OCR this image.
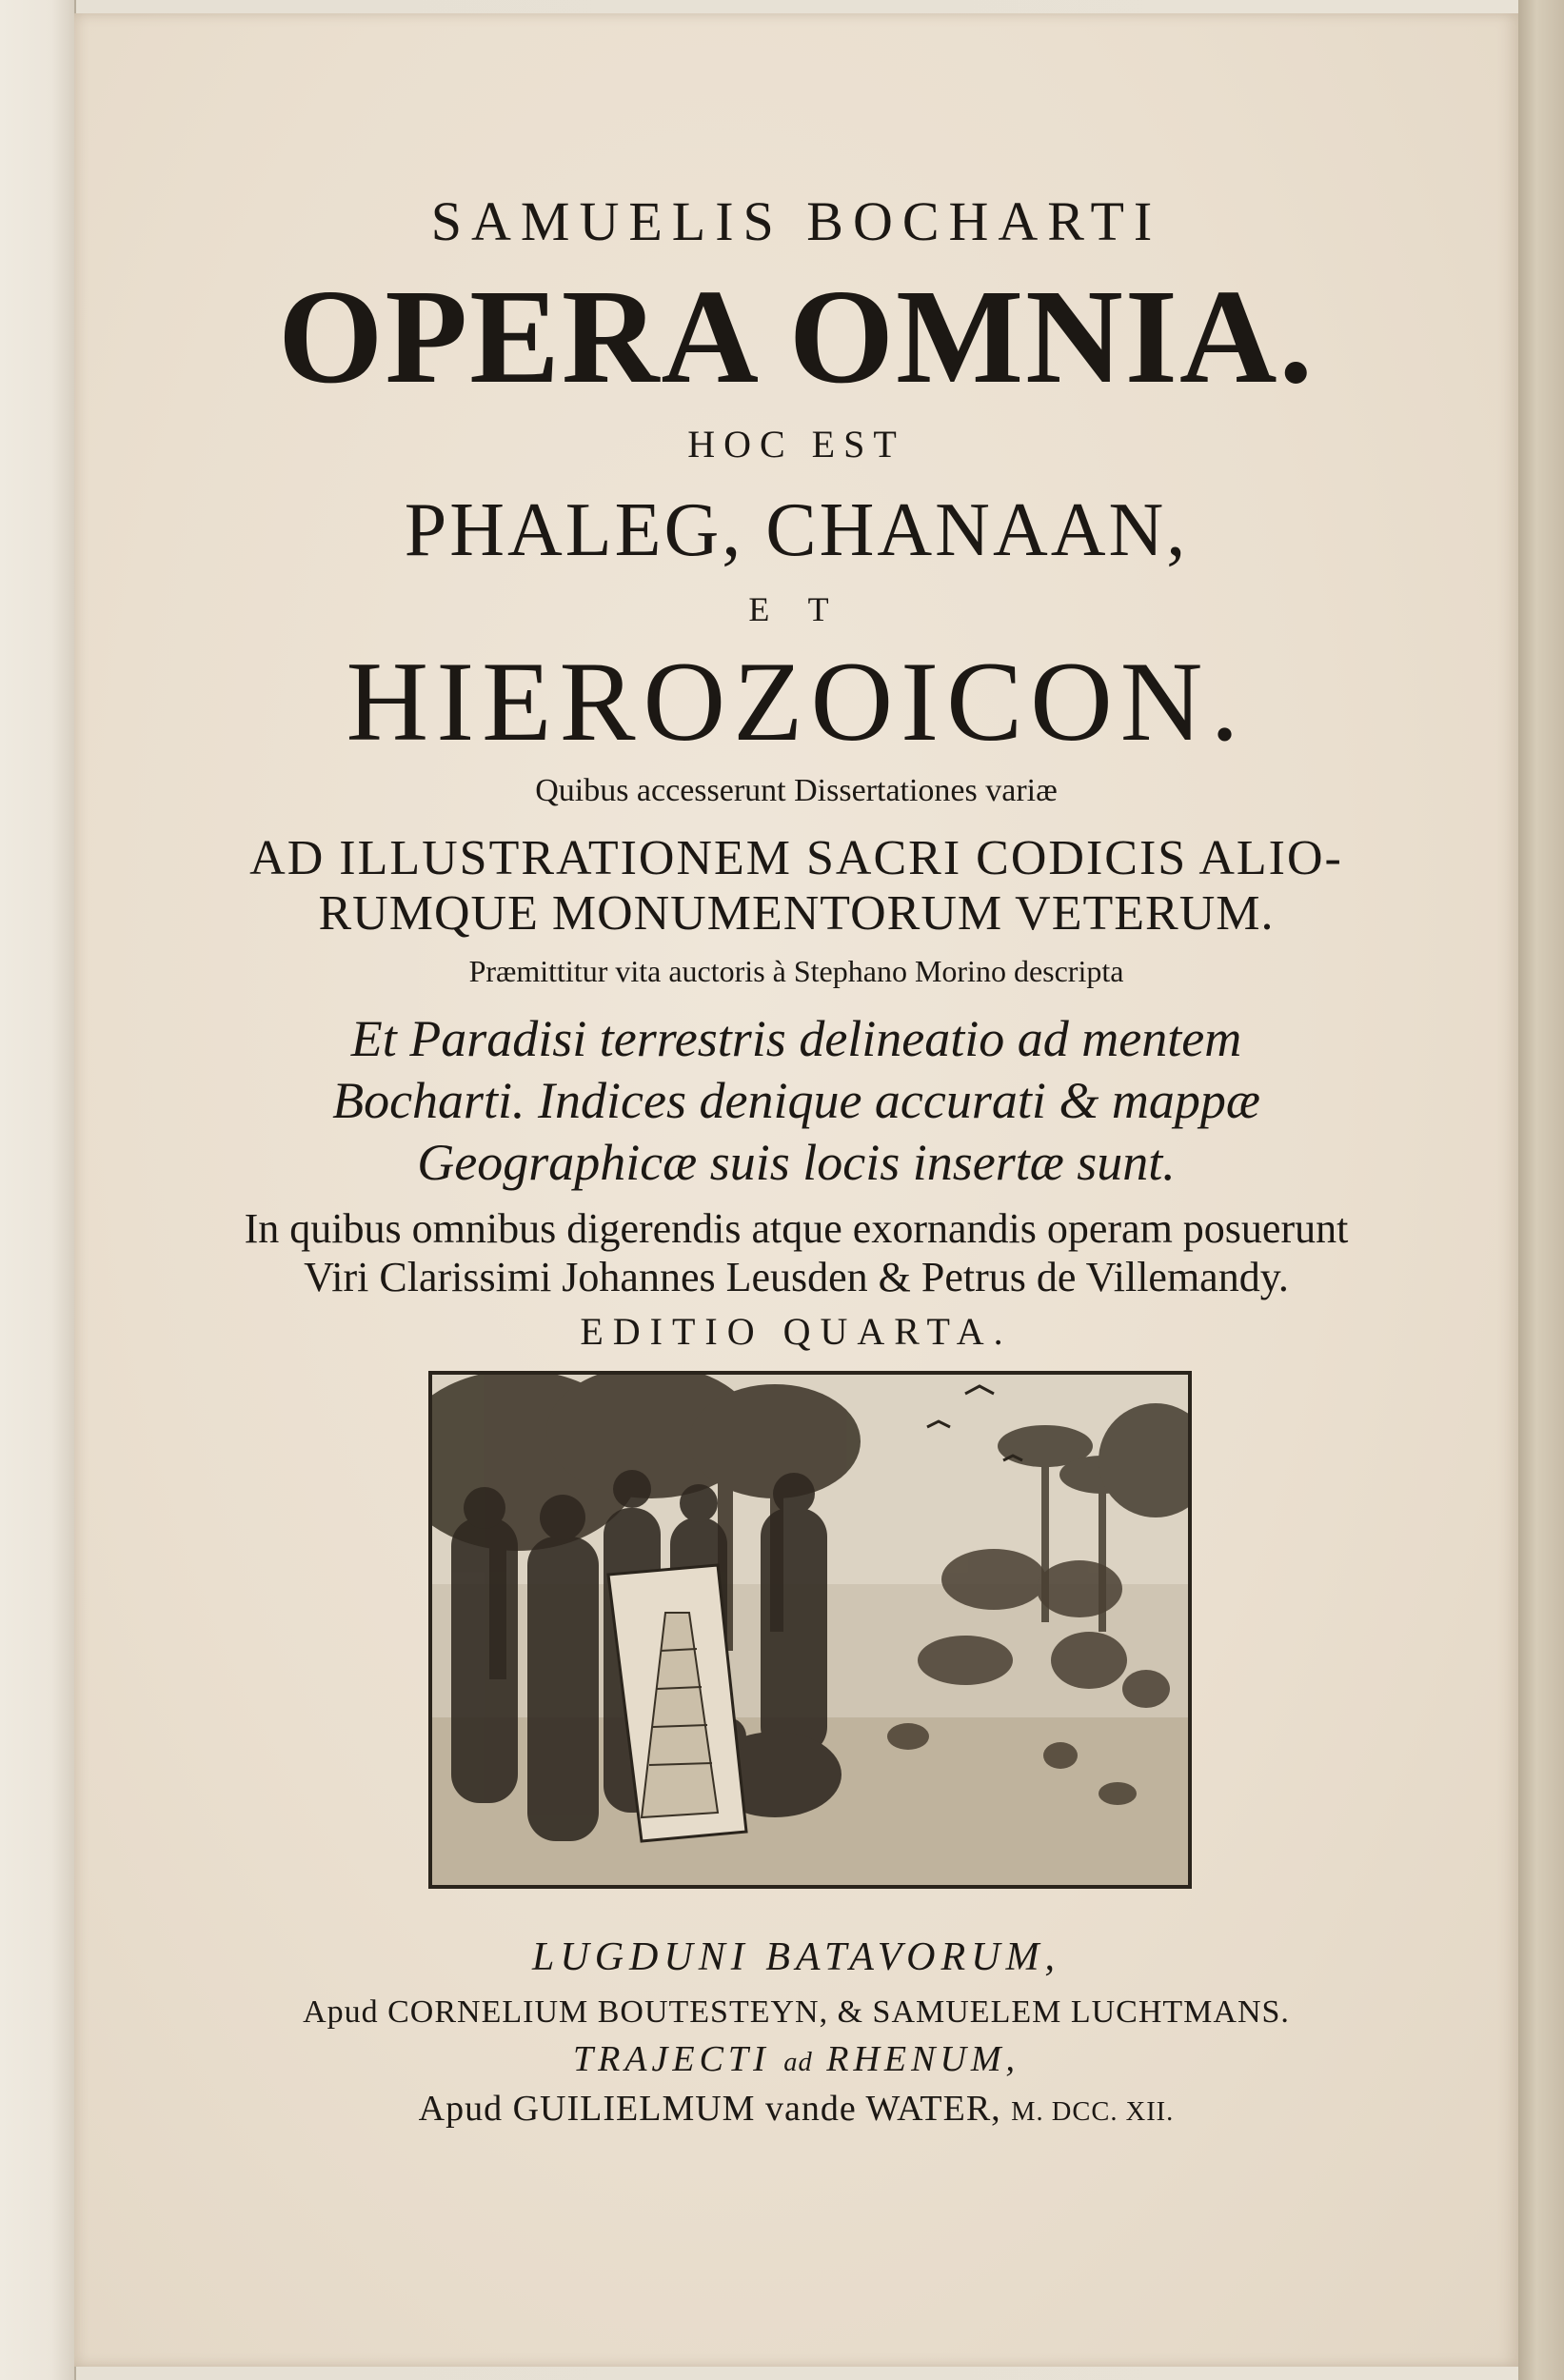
SAMUELIS BOCHARTI
OPERA OMNIA.
HOC EST
PHALEG, CHANAAN,
E T
HIEROZOICON.
Quibus accesserunt Dissertationes variæ
AD ILLUSTRATIONEM SACRI CODICIS ALIO-
RUMQUE MONUMENTORUM VETERUM.
Præmittitur vita auctoris à Stephano Morino descripta
Et Paradisi terrestris delineatio ad mentem
Bocharti. Indices denique accurati & mappæ
Geographicæ suis locis insertæ sunt.
In quibus omnibus digerendis atque exornandis operam posuerunt
Viri Clarissimi Johannes Leusden & Petrus de Villemandy.
EDITIO QUARTA.
LUGDUNI BATAVORUM,
Apud CORNELIUM BOUTESTEYN, & SAMUELEM LUCHTMANS.
TRAJECTI ad RHENUM,
Apud GUILIELMUM vande WATER, M. DCC. XII.
